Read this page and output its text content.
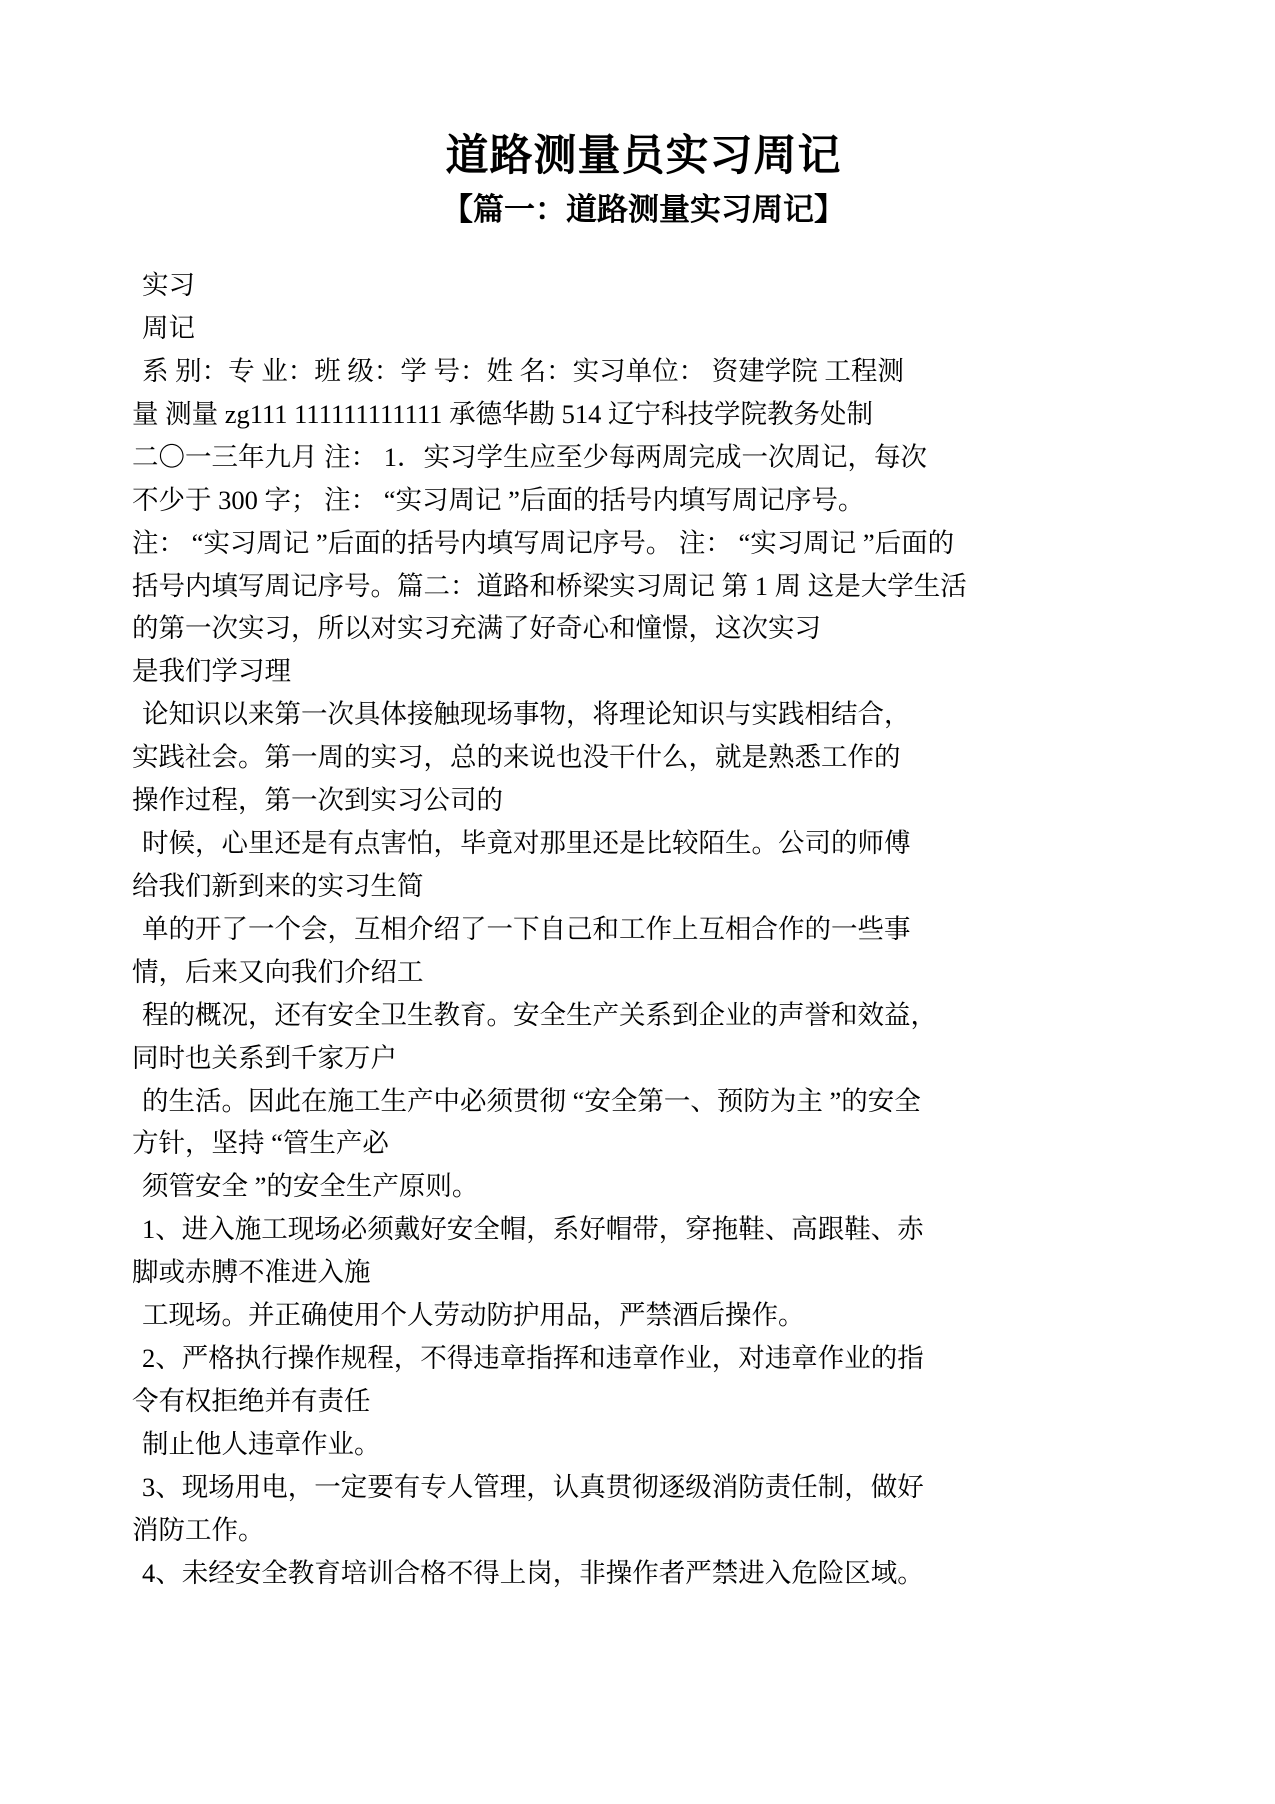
道路测量员实习周记
【篇一：道路测量实习周记】

实习

周记

系 别：专 业：班 级：学 号：姓 名：实习单位： 资建学院 工程测

量 测量 zg111 111111111111 承德华勘 514 辽宁科技学院教务处制

二〇一三年九月 注： 1．实习学生应至少每两周完成一次周记，每次

不少于 300 字； 注： “实习周记 ”后面的括号内填写周记序号。

注： “实习周记 ”后面的括号内填写周记序号。 注： “实习周记 ”后面的

括号内填写周记序号。篇二：道路和桥梁实习周记 第 1 周 这是大学生活

的第一次实习，所以对实习充满了好奇心和憧憬，这次实习

是我们学习理

论知识以来第一次具体接触现场事物，将理论知识与实践相结合，

实践社会。第一周的实习，总的来说也没干什么，就是熟悉工作的

操作过程，第一次到实习公司的

时候，心里还是有点害怕，毕竟对那里还是比较陌生。公司的师傅

给我们新到来的实习生简

单的开了一个会，互相介绍了一下自己和工作上互相合作的一些事

情，后来又向我们介绍工

程的概况，还有安全卫生教育。安全生产关系到企业的声誉和效益，

同时也关系到千家万户

的生活。因此在施工生产中必须贯彻 “安全第一、预防为主 ”的安全

方针，坚持 “管生产必

须管安全 ”的安全生产原则。

1、进入施工现场必须戴好安全帽，系好帽带，穿拖鞋、高跟鞋、赤

脚或赤膊不准进入施

工现场。并正确使用个人劳动防护用品，严禁酒后操作。

2、严格执行操作规程，不得违章指挥和违章作业，对违章作业的指

令有权拒绝并有责任

制止他人违章作业。

3、现场用电，一定要有专人管理，认真贯彻逐级消防责任制，做好

消防工作。

4、未经安全教育培训合格不得上岗，非操作者严禁进入危险区域。
